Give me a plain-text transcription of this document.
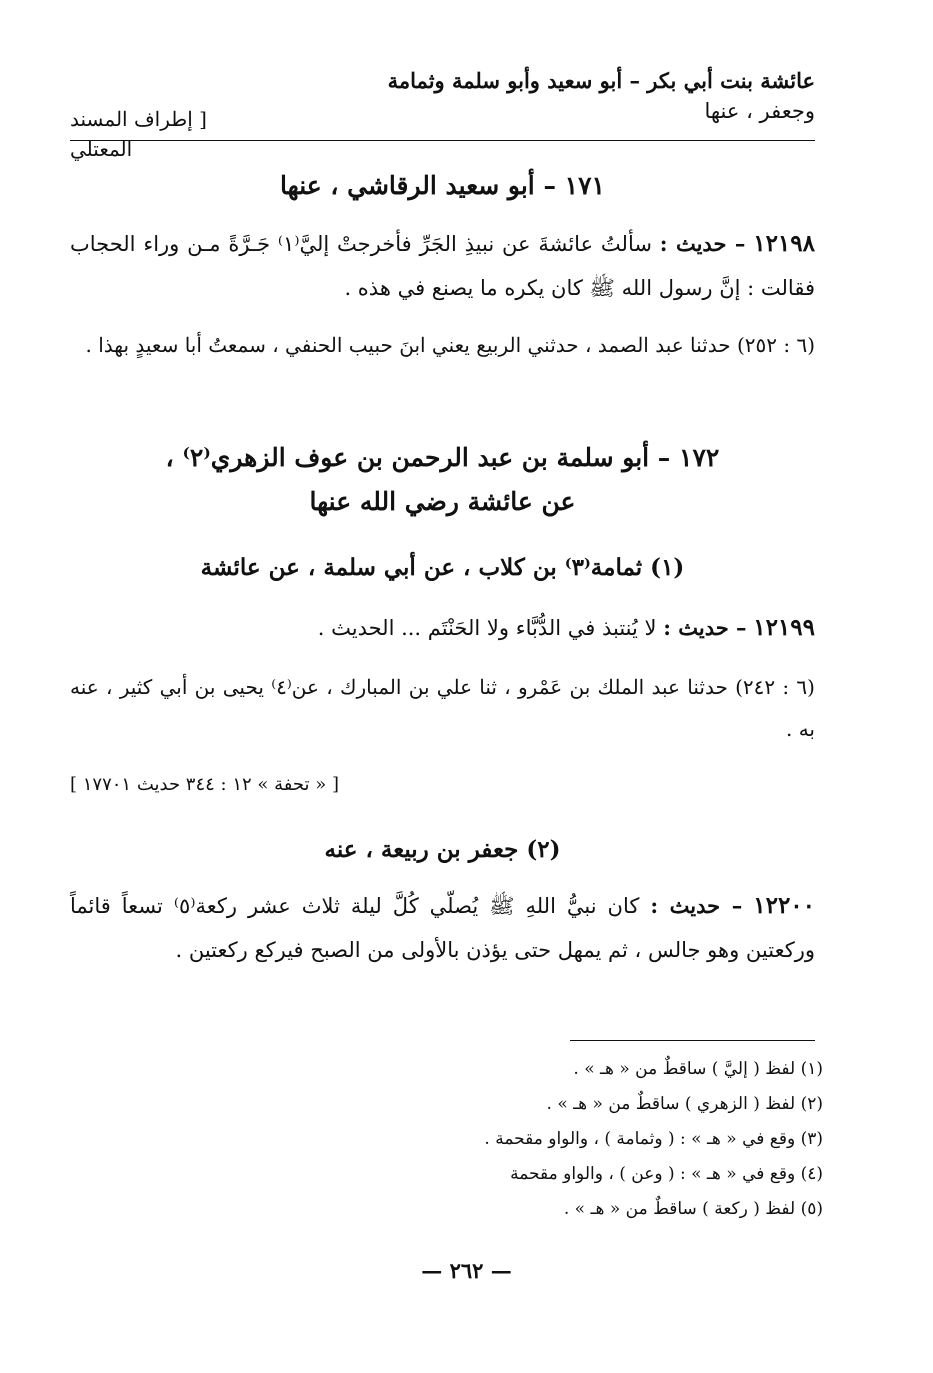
عائشة بنت أبي بكر – أبو سعيد وأبو سلمة وثمامة
وجعفر ، عنها
[ إطراف المسند المعتلي
١٧١ – أبو سعيد الرقاشي ، عنها
١٢١٩٨ – حديث : سألتُ عائشةَ عن نبيذِ الجَرِّ فأخرجتْ إليَّ⁽١⁾ جَـرَّةً مـن وراء الحجاب فقالت : إنَّ رسول الله ﷺ كان يكره ما يصنع في هذه .
(٦ : ٢٥٢) حدثنا عبد الصمد ، حدثني الربيع يعني ابنَ حبيب الحنفي ، سمعتُ أبا سعيدٍ بهذا .
١٧٢ – أبو سلمة بن عبد الرحمن بن عوف الزهري⁽٢⁾ ،
عن عائشة رضي الله عنها
(١) ثمامة⁽٣⁾ بن كلاب ، عن أبي سلمة ، عن عائشة
١٢١٩٩ – حديث : لا يُنتبذ في الدُّبَّاء ولا الحَنْتَم ... الحديث .
(٦ : ٢٤٢) حدثنا عبد الملك بن عَمْرو ، ثنا علي بن المبارك ، عن⁽٤⁾ يحيى بن أبي كثير ، عنه به .
[ « تحفة » ١٢ : ٣٤٤ حديث ١٧٧٠١ ]
(٢) جعفر بن ربيعة ، عنه
١٢٢٠٠ – حديث : كان نبيُّ اللهِ ﷺ يُصلّي كُلَّ ليلة ثلاث عشر ركعة⁽٥⁾ تسعاً قائماً وركعتين وهو جالس ، ثم يمهل حتى يؤذن بالأولى من الصبح فيركع ركعتين .
(١) لفظ ( إليَّ ) ساقطٌ من « هـ » .
(٢) لفظ ( الزهري ) ساقطٌ من « هـ » .
(٣) وقع في « هـ » : ( وثمامة ) ، والواو مقحمة .
(٤) وقع في « هـ » : ( وعن ) ، والواو مقحمة
(٥) لفظ ( ركعة ) ساقطٌ من « هـ » .
— ٢٦٢ —
